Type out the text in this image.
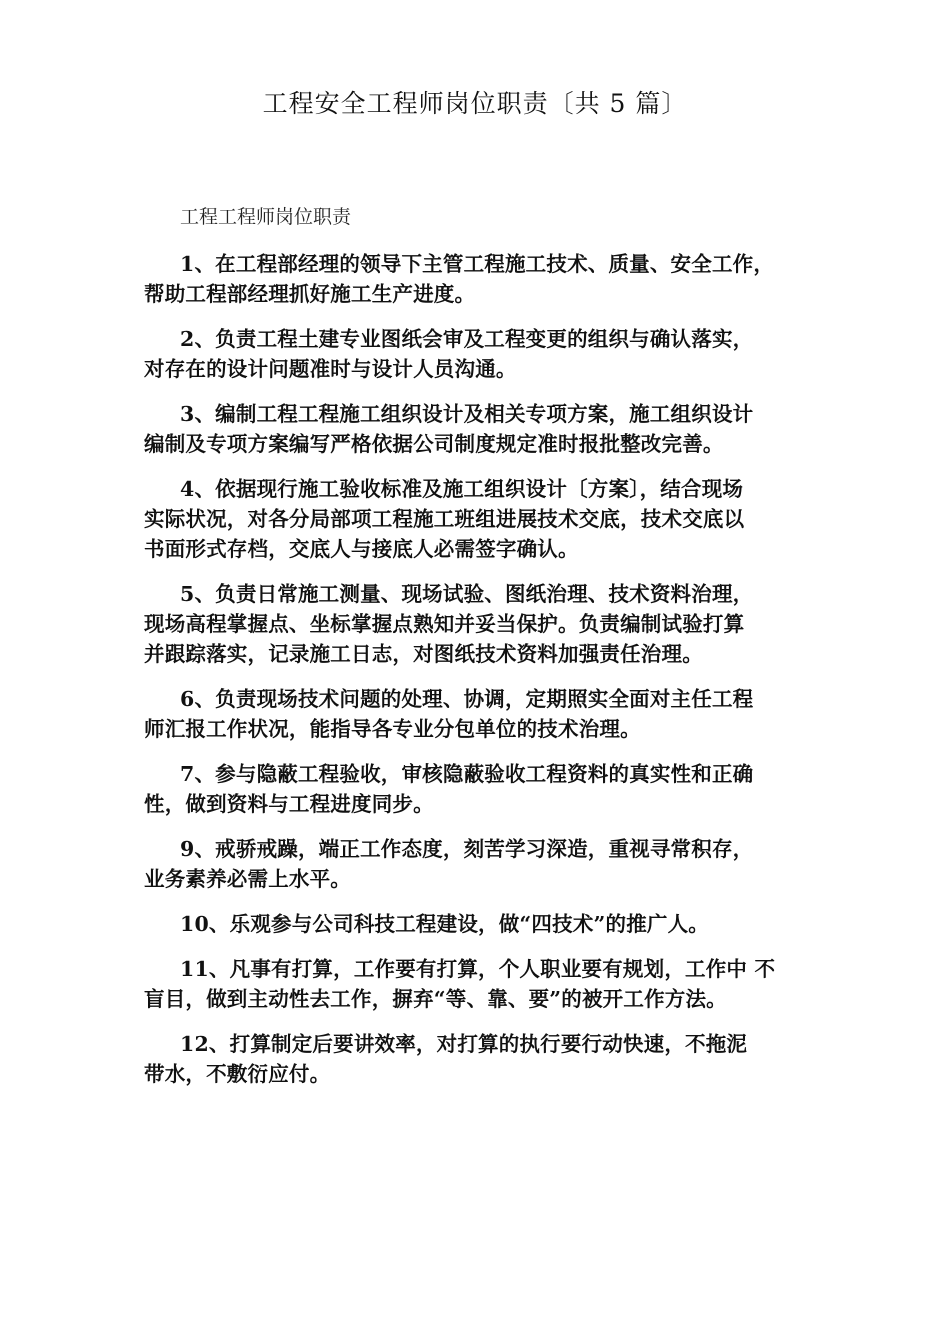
工程安全工程师岗位职责〔共 5 篇〕

工程工程师岗位职责

1、在工程部经理的领导下主管工程施工技术、质量、安全工作，
帮助工程部经理抓好施工生产进度。

2、负责工程土建专业图纸会审及工程变更的组织与确认落实，
对存在的设计问题准时与设计人员沟通。

3、编制工程工程施工组织设计及相关专项方案，施工组织设计
编制及专项方案编写严格依据公司制度规定准时报批整改完善。

4、依据现行施工验收标准及施工组织设计〔方案〕，结合现场
实际状况，对各分局部项工程施工班组进展技术交底，技术交底以
书面形式存档，交底人与接底人必需签字确认。

5、负责日常施工测量、现场试验、图纸治理、技术资料治理，
现场高程掌握点、坐标掌握点熟知并妥当保护。负责编制试验打算
并跟踪落实，记录施工日志，对图纸技术资料加强责任治理。

6、负责现场技术问题的处理、协调，定期照实全面对主任工程
师汇报工作状况，能指导各专业分包单位的技术治理。

7、参与隐蔽工程验收，审核隐蔽验收工程资料的真实性和正确
性，做到资料与工程进度同步。

9、戒骄戒躁，端正工作态度，刻苦学习深造，重视寻常积存，
业务素养必需上水平。

10、乐观参与公司科技工程建设，做“四技术”的推广人。

11、凡事有打算，工作要有打算，个人职业要有规划，工作中 不
盲目，做到主动性去工作，摒弃“等、靠、要”的被开工作方法。

12、打算制定后要讲效率，对打算的执行要行动快速，不拖泥
带水，不敷衍应付。
